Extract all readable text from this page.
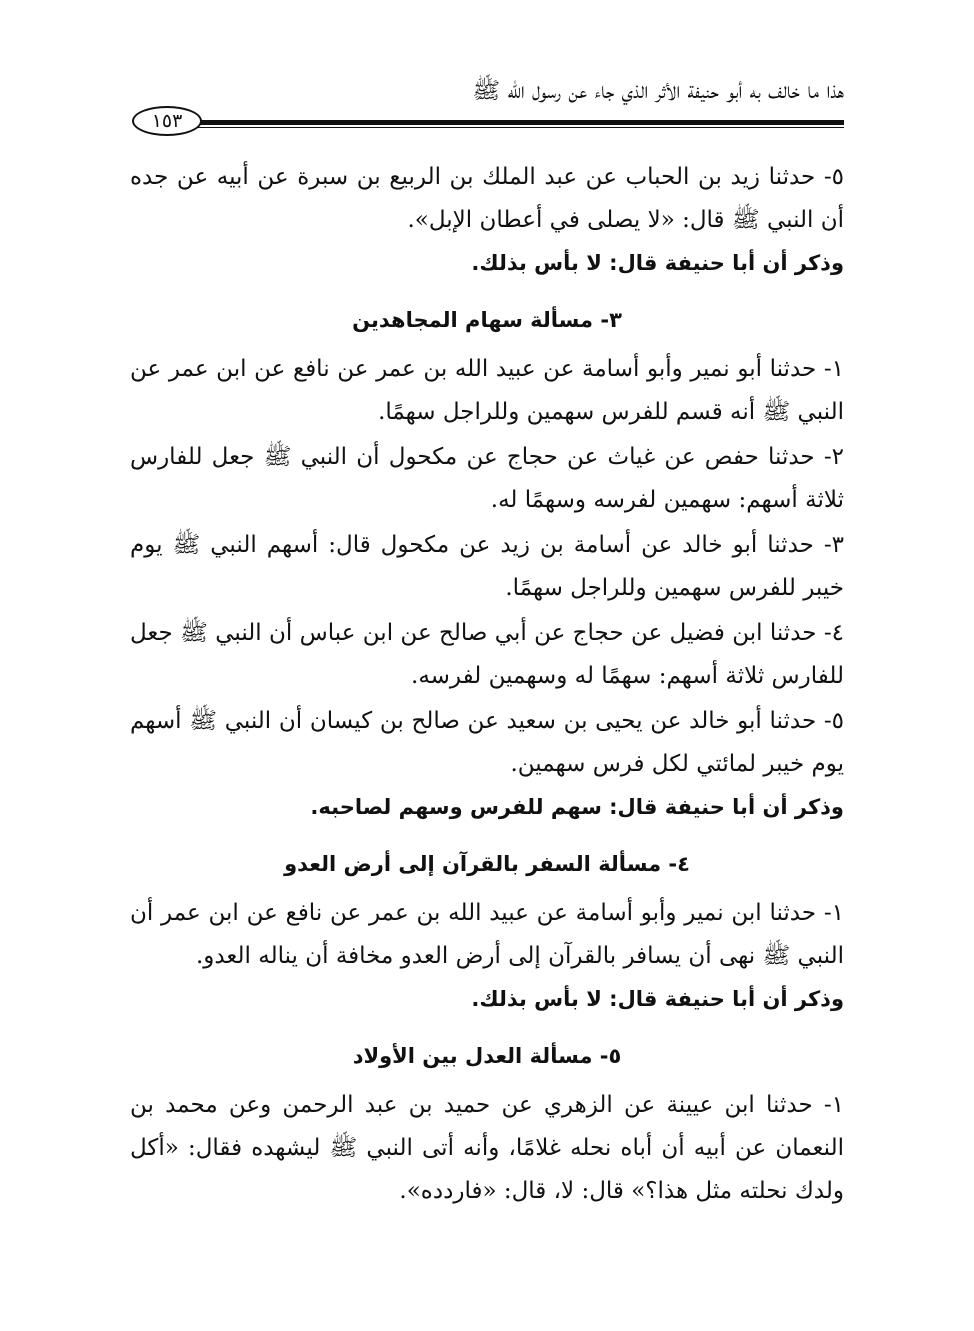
هذا ما خالف به أبو حنيفة الأثر الذي جاء عن رسول الله ﷺ
١٥٣

٥- حدثنا زيد بن الحباب عن عبد الملك بن الربيع بن سبرة عن أبيه عن جده أن النبي ﷺ قال: «لا يصلى في أعطان الإبل».

وذكر أن أبا حنيفة قال: لا بأس بذلك.

٣- مسألة سهام المجاهدين

١- حدثنا أبو نمير وأبو أسامة عن عبيد الله بن عمر عن نافع عن ابن عمر عن النبي ﷺ أنه قسم للفرس سهمين وللراجل سهمًا.

٢- حدثنا حفص عن غياث عن حجاج عن مكحول أن النبي ﷺ جعل للفارس ثلاثة أسهم: سهمين لفرسه وسهمًا له.

٣- حدثنا أبو خالد عن أسامة بن زيد عن مكحول قال: أسهم النبي ﷺ يوم خيبر للفرس سهمين وللراجل سهمًا.

٤- حدثنا ابن فضيل عن حجاج عن أبي صالح عن ابن عباس أن النبي ﷺ جعل للفارس ثلاثة أسهم: سهمًا له وسهمين لفرسه.

٥- حدثنا أبو خالد عن يحيى بن سعيد عن صالح بن كيسان أن النبي ﷺ أسهم يوم خيبر لمائتي لكل فرس سهمين.

وذكر أن أبا حنيفة قال: سهم للفرس وسهم لصاحبه.

٤- مسألة السفر بالقرآن إلى أرض العدو

١- حدثنا ابن نمير وأبو أسامة عن عبيد الله بن عمر عن نافع عن ابن عمر أن النبي ﷺ نهى أن يسافر بالقرآن إلى أرض العدو مخافة أن يناله العدو.

وذكر أن أبا حنيفة قال: لا بأس بذلك.

٥- مسألة العدل بين الأولاد

١- حدثنا ابن عيينة عن الزهري عن حميد بن عبد الرحمن وعن محمد بن النعمان عن أبيه أن أباه نحله غلامًا، وأنه أتى النبي ﷺ ليشهده فقال: «أكل ولدك نحلته مثل هذا؟» قال: لا، قال: «فاردده».
